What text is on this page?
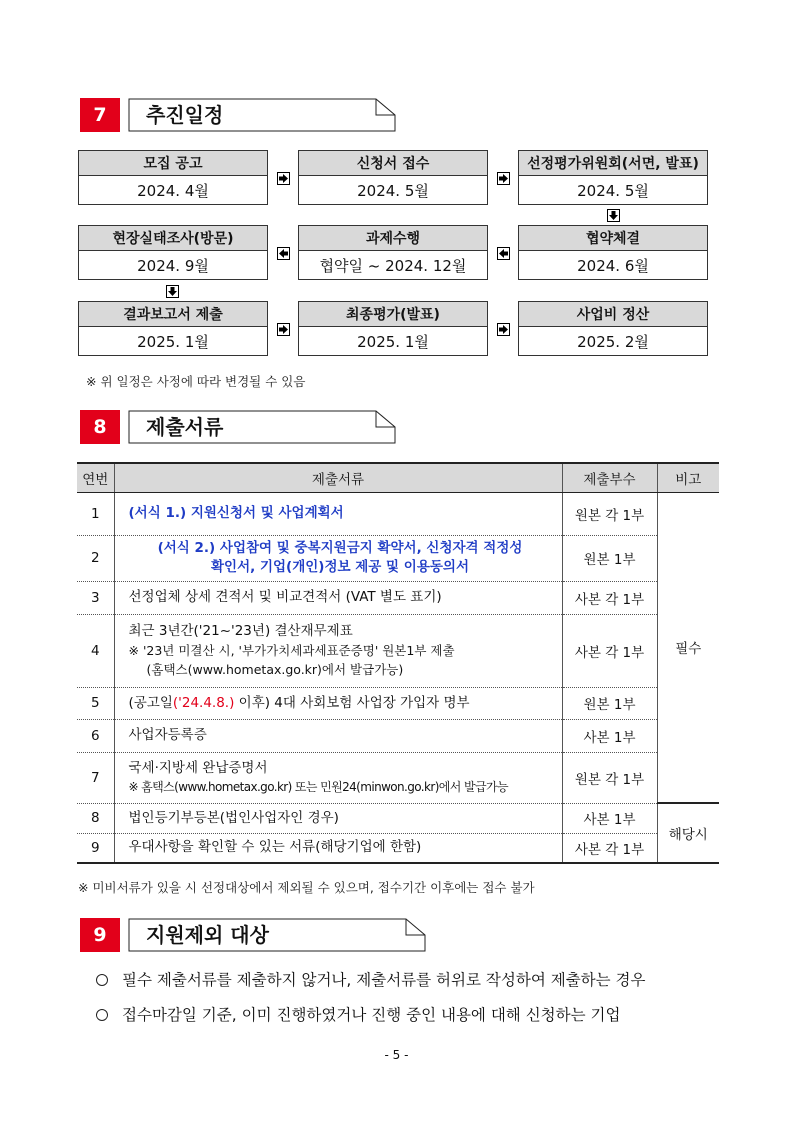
7	추진일정
모집 공고
2024. 4월
신청서 접수
2024. 5월
선정평가위원회(서면, 발표)
2024. 5월
현장실태조사(방문)
2024. 9월
과제수행
협약일 ~ 2024. 12월
협약체결
2024. 6월
결과보고서 제출
2025. 1월
최종평가(발표)
2025. 1월
사업비 정산
2025. 2월
※ 위 일정은 사정에 따라 변경될 수 있음
8	제출서류
연번	제출서류	제출부수	비고
1	(서식 1.) 지원신청서 및 사업계획서	원본 각 1부	필수
2	(서식 2.) 사업참여 및 중복지원금지 확약서, 신청자격 적정성
확인서, 기업(개인)정보 제공 및 이용동의서	원본 1부	
3	선정업체 상세 견적서 및 비교견적서 (VAT 별도 표기)	사본 각 1부	
4	최근 3년간('21~'23년) 결산재무제표
※ '23년 미결산 시, '부가가치세과세표준증명' 원본1부 제출
(홈택스(www.hometax.go.kr)에서 발급가능)	사본 각 1부	
5	(공고일('24.4.8.) 이후) 4대 사회보험 사업장 가입자 명부	원본 1부	
6	사업자등록증	사본 1부	
7	국세·지방세 완납증명서
※ 홈택스(www.hometax.go.kr) 또는 민원24(minwon.go.kr)에서 발급가능	원본 각 1부	
8	법인등기부등본(법인사업자인 경우)	사본 1부	해당시
9	우대사항을 확인할 수 있는 서류(해당기업에 한함)	사본 각 1부	
※ 미비서류가 있을 시 선정대상에서 제외될 수 있으며, 접수기간 이후에는 접수 불가
9	지원제외 대상
필수 제출서류를 제출하지 않거나, 제출서류를 허위로 작성하여 제출하는 경우
접수마감일 기준, 이미 진행하였거나 진행 중인 내용에 대해 신청하는 기업
- 5 -
